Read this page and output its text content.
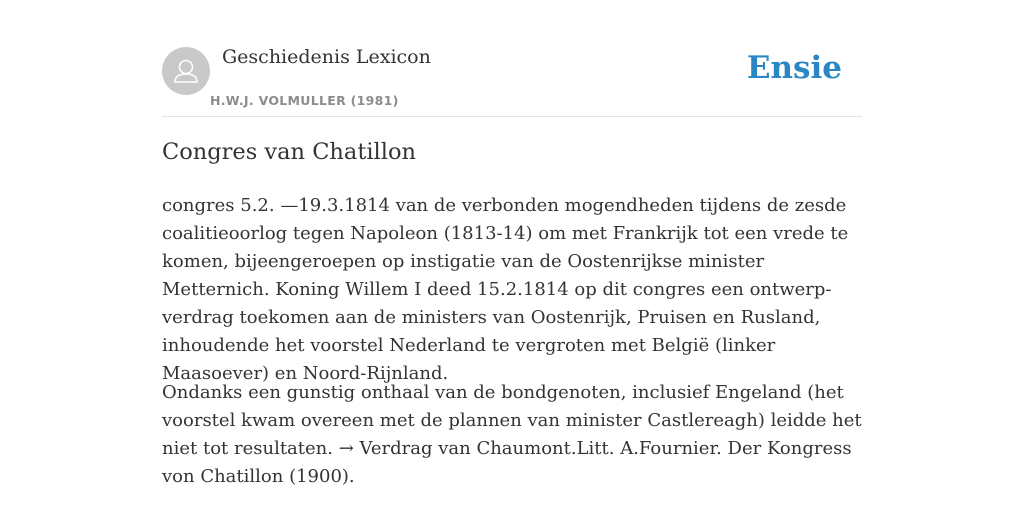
Geschiedenis Lexicon
H.W.J. VOLMULLER (1981)
Ensie
Congres van Chatillon

congres 5.2. —19.3.1814 van de verbonden mogendheden tijdens de zesde coalitieoorlog tegen Napoleon (1813-14) om met Frankrijk tot een vrede te komen, bijeengeroepen op instigatie van de Oostenrijkse minister Metternich. Koning Willem I deed 15.2.1814 op dit congres een ontwerp-verdrag toekomen aan de ministers van Oostenrijk, Pruisen en Rusland, inhoudende het voorstel Nederland te vergroten met België (linker Maasoever) en Noord-Rijnland.

Ondanks een gunstig onthaal van de bondgenoten, inclusief Engeland (het voorstel kwam overeen met de plannen van minister Castlereagh) leidde het niet tot resultaten. → Verdrag van Chaumont.Litt. A.Fournier. Der Kongress von Chatillon (1900).
